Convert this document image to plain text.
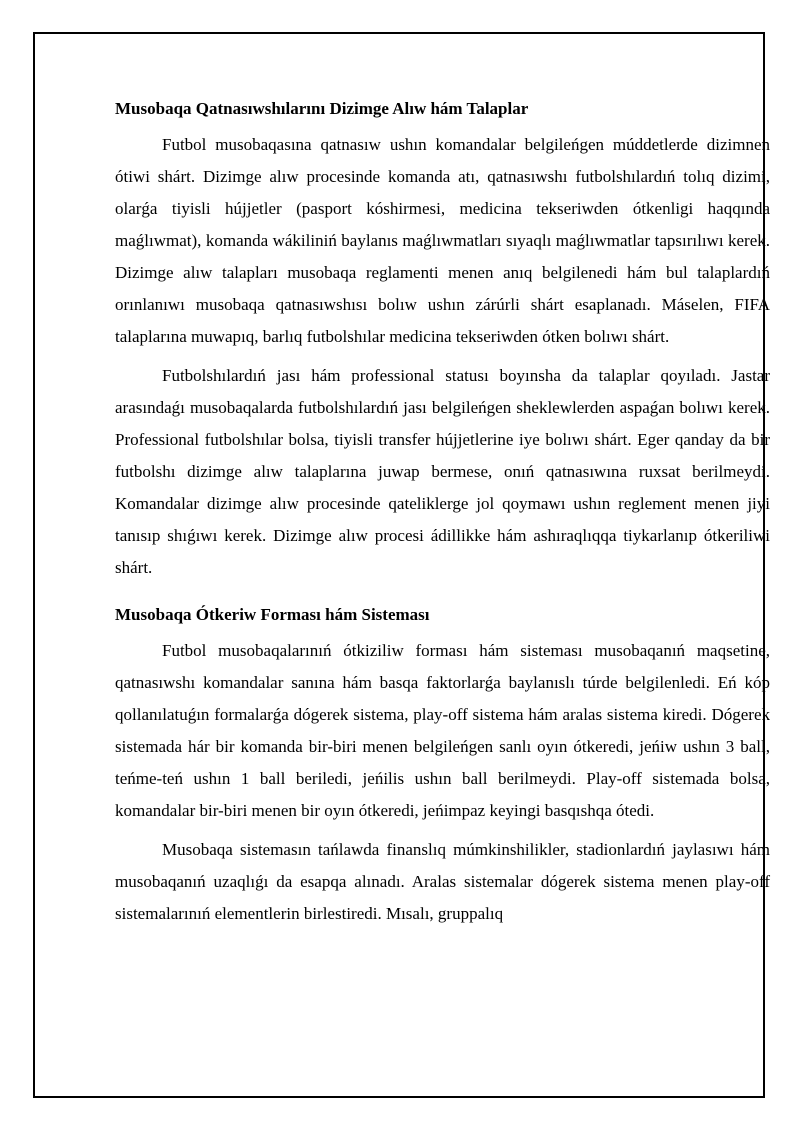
Musobaqa Qatnasıwshılarını Dizimge Alıw hám Talaplar

Futbol musobaqasına qatnasıw ushın komandalar belgileńgen múddetlerde dizimnen ótiwi shárt. Dizimge alıw procesinde komanda atı, qatnasıwshı futbolshılardıń tolıq dizimi, olarǵa tiyisli hújjetler (pasport kóshirmesi, medicina tekseriwden ótkenligi haqqında maǵlıwmat), komanda wákiliniń baylanıs maǵlıwmatları sıyaqlı maǵlıwmatlar tapsırılıwı kerek. Dizimge alıw talapları musobaqa reglamenti menen anıq belgilenedi hám bul talaplardıń orınlanıwı musobaqa qatnasıwshısı bolıw ushın zárúrli shárt esaplanadı. Máselen, FIFA talaplarına muwapıq, barlıq futbolshılar medicina tekseriwden ótken bolıwı shárt.

Futbolshılardıń jası hám professional statusı boyınsha da talaplar qoyıladı. Jastar arasındaǵı musobaqalarda futbolshılardıń jası belgileńgen sheklewlerden aspaǵan bolıwı kerek. Professional futbolshılar bolsa, tiyisli transfer hújjetlerine iye bolıwı shárt. Eger qanday da bir futbolshı dizimge alıw talaplarına juwap bermese, onıń qatnasıwına ruxsat berilmeydi. Komandalar dizimge alıw procesinde qateliklerge jol qoymawı ushın reglement menen jiyi tanısıp shıǵıwı kerek. Dizimge alıw procesi ádillikke hám ashıraqlıqqa tiykarlanıp ótkeriliwi shárt.

Musobaqa Ótkeriw Forması hám Sisteması

Futbol musobaqalarınıń ótkiziliw forması hám sisteması musobaqanıń maqsetine, qatnasıwshı komandalar sanına hám basqa faktorlarǵa baylanıslı túrde belgilenledi. Eń kóp qollanılatuǵın formalarǵa dógerek sistema, play-off sistema hám aralas sistema kiredi. Dógerek sistemada hár bir komanda bir-biri menen belgileńgen sanlı oyın ótkeredi, jeńiw ushın 3 ball, teńme-teń ushın 1 ball beriledi, jeńilis ushın ball berilmeydi. Play-off sistemada bolsa, komandalar bir-biri menen bir oyın ótkeredi, jeńimpaz keyingi basqıshqa ótedi.

Musobaqa sistemasın tańlawda finanslıq múmkinshilikler, stadionlardıń jaylasıwı hám musobaqanıń uzaqlıǵı da esapqa alınadı. Aralas sistemalar dógerek sistema menen play-off sistemalarınıń elementlerin birlestiredi. Mısalı, gruppalıq
